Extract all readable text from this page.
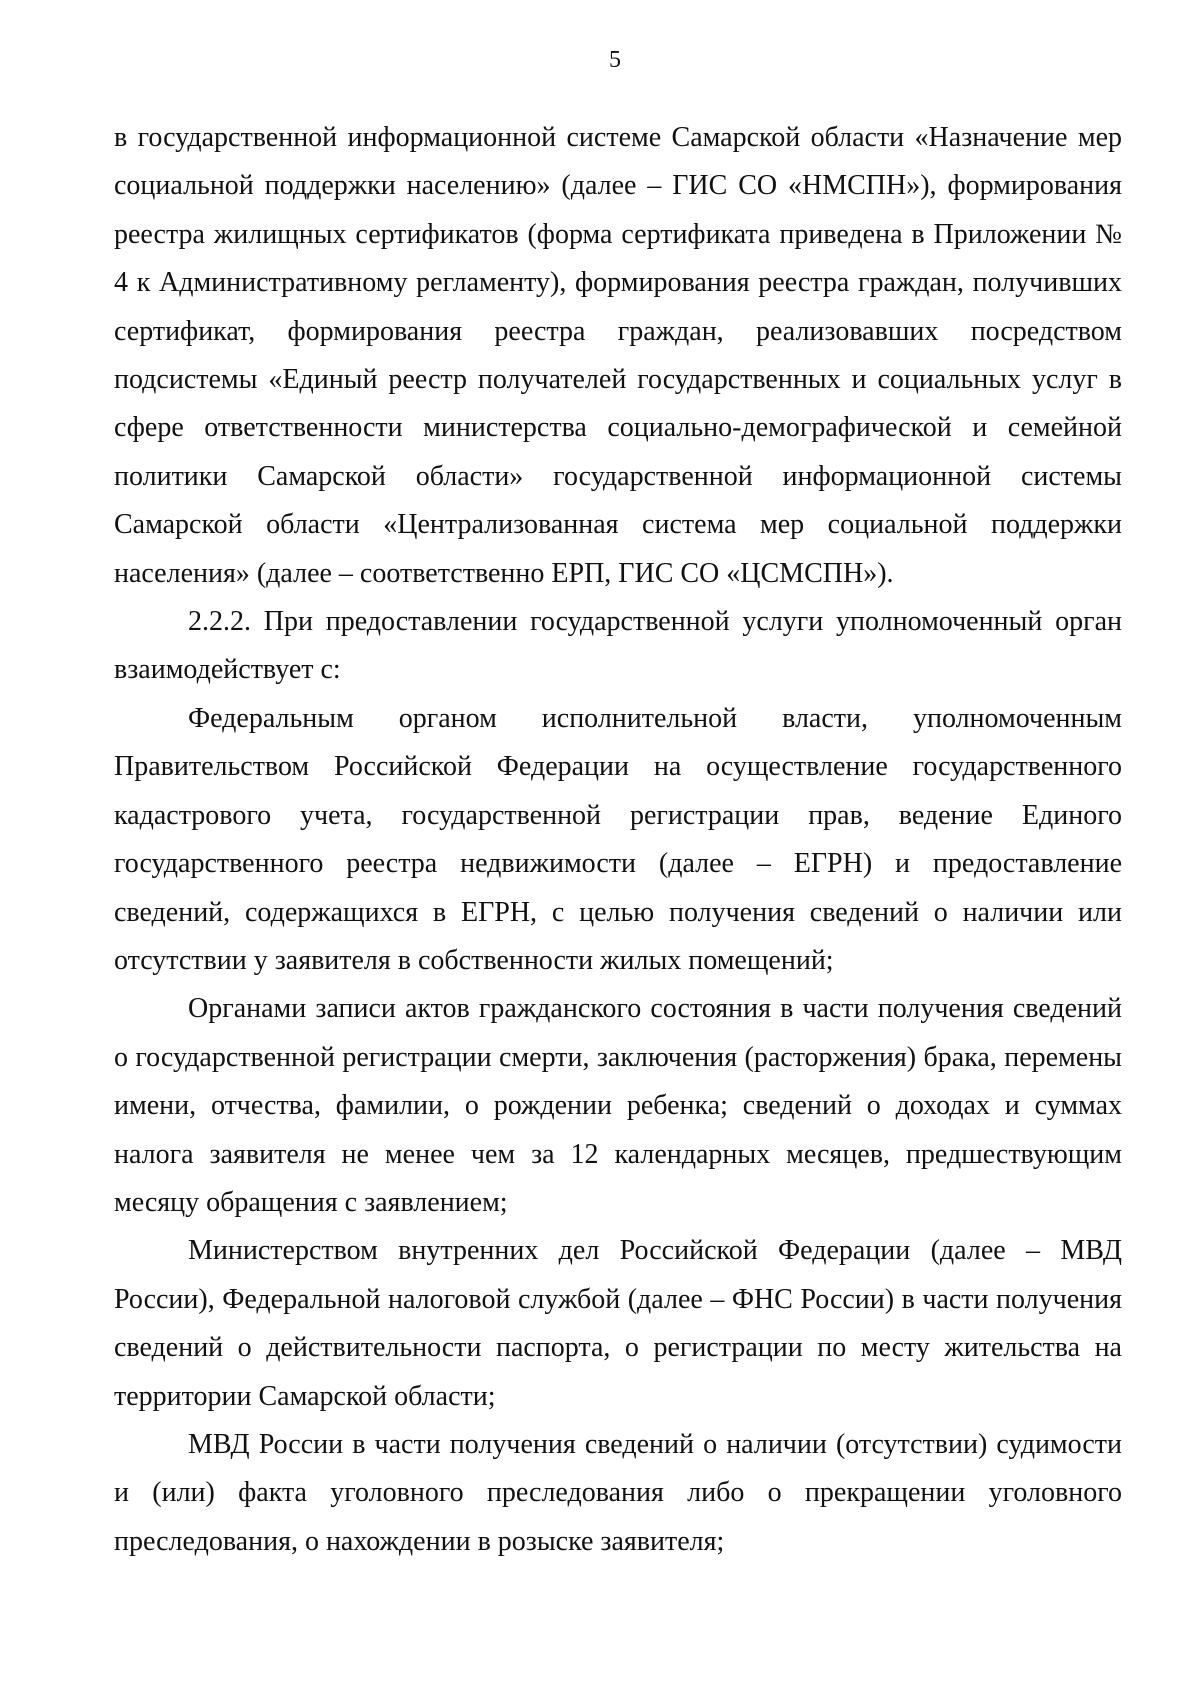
5

в государственной информационной системе Самарской области «Назначение мер социальной поддержки населению» (далее – ГИС СО «НМСПН»), формирования реестра жилищных сертификатов (форма сертификата приведена в Приложении № 4 к Административному регламенту), формирования реестра граждан, получивших сертификат, формирования реестра граждан, реализовавших посредством подсистемы «Единый реестр получателей государственных и социальных услуг в сфере ответственности министерства социально-демографической и семейной политики Самарской области» государственной информационной системы Самарской области «Централизованная система мер социальной поддержки населения» (далее – соответственно ЕРП, ГИС СО «ЦСМСПН»).

2.2.2. При предоставлении государственной услуги уполномоченный орган взаимодействует с:

Федеральным органом исполнительной власти, уполномоченным Правительством Российской Федерации на осуществление государственного кадастрового учета, государственной регистрации прав, ведение Единого государственного реестра недвижимости (далее – ЕГРН) и предоставление сведений, содержащихся в ЕГРН, с целью получения сведений о наличии или отсутствии у заявителя в собственности жилых помещений;

Органами записи актов гражданского состояния в части получения сведений о государственной регистрации смерти, заключения (расторжения) брака, перемены имени, отчества, фамилии, о рождении ребенка; сведений о доходах и суммах налога заявителя не менее чем за 12 календарных месяцев, предшествующим месяцу обращения с заявлением;

Министерством внутренних дел Российской Федерации (далее – МВД России), Федеральной налоговой службой (далее – ФНС России) в части получения сведений о действительности паспорта, о регистрации по месту жительства на территории Самарской области;

МВД России в части получения сведений о наличии (отсутствии) судимости и (или) факта уголовного преследования либо о прекращении уголовного преследования, о нахождении в розыске заявителя;
